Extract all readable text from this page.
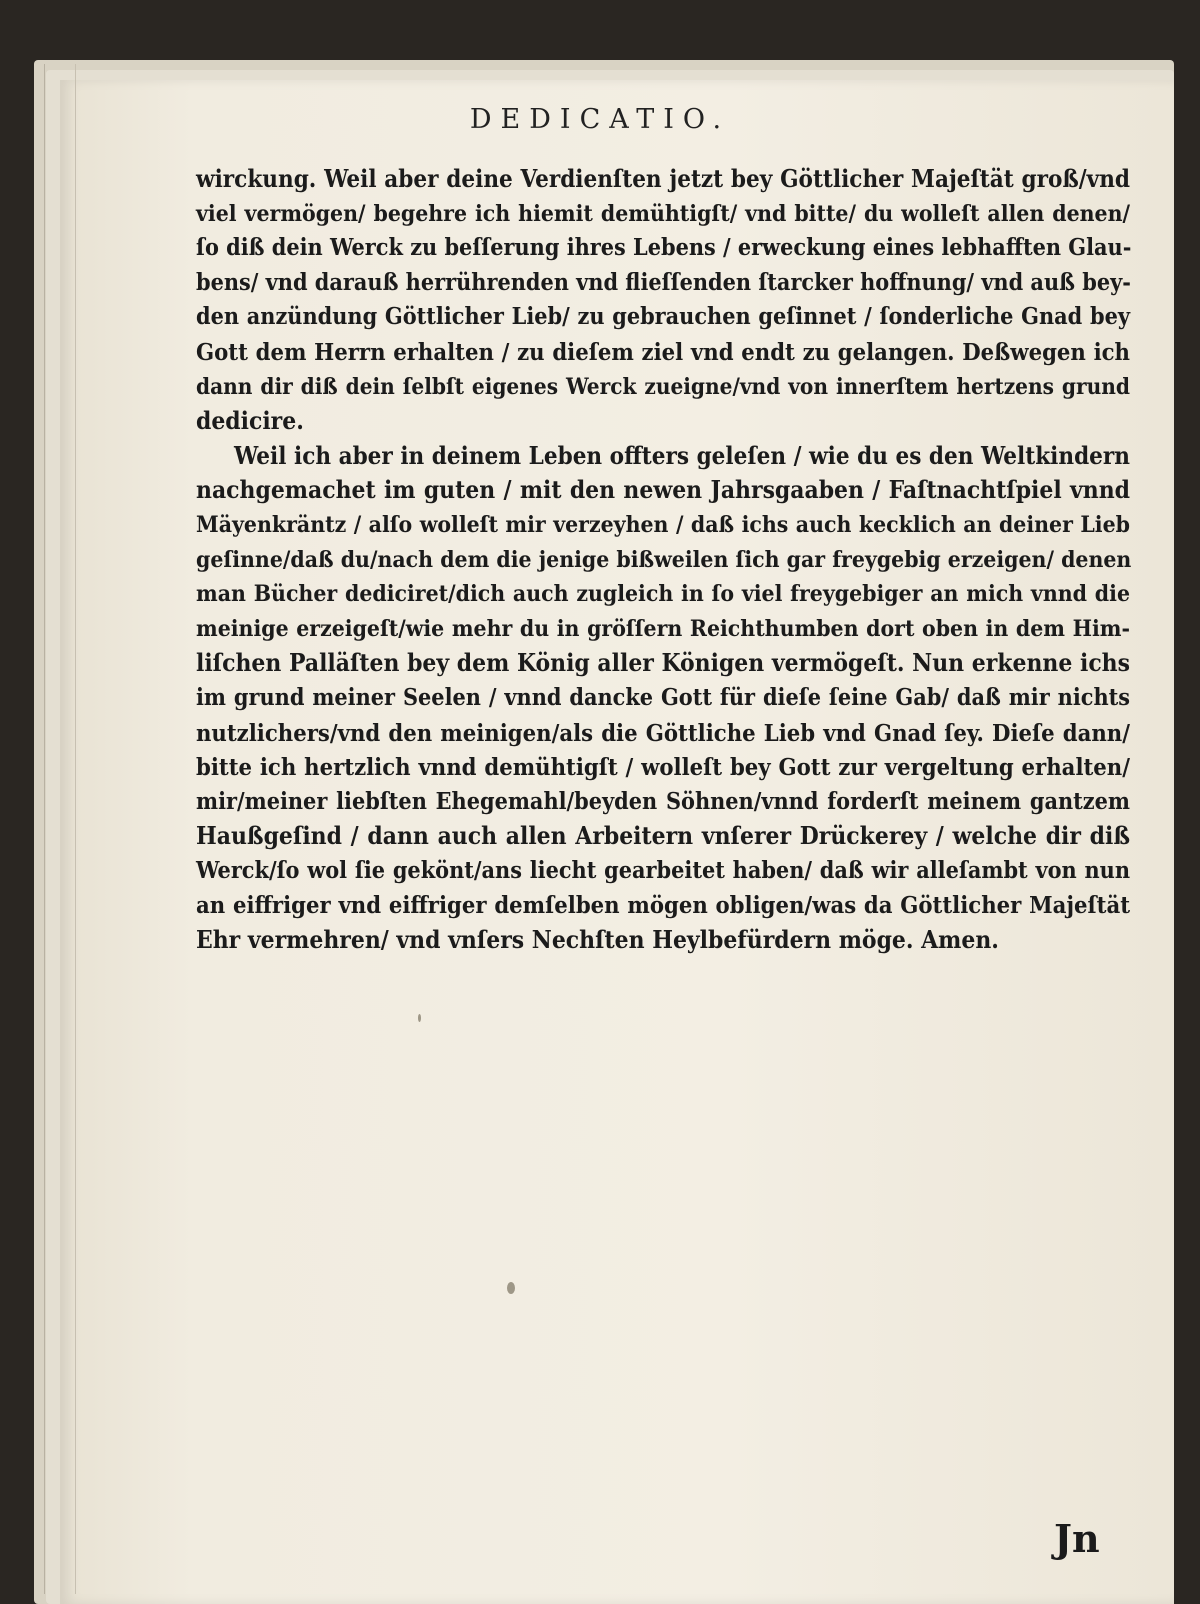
DEDICATIO.
wirckung. Weil aber deine Verdienſten jetzt bey Göttlicher Majeſtät groß/vnd
viel vermögen/ begehre ich hiemit demühtigſt/ vnd bitte/ du wolleſt allen denen/
ſo diß dein Werck zu beſſerung ihres Lebens / erweckung eines lebhafften Glau-
bens/ vnd darauß herrührenden vnd flieſſenden ſtarcker hoffnung/ vnd auß bey-
den anzündung Göttlicher Lieb/ zu gebrauchen geſinnet / ſonderliche Gnad bey
Gott dem Herrn erhalten / zu dieſem ziel vnd endt zu gelangen. Deßwegen ich
dann dir diß dein ſelbſt eigenes Werck zueigne/vnd von innerſtem hertzens grund
dedicire.
Weil ich aber in deinem Leben offters geleſen / wie du es den Weltkindern
nachgemachet im guten / mit den newen Jahrsgaaben / Faſtnachtſpiel vnnd
Mäyenkräntz / alſo wolleſt mir verzeyhen / daß ichs auch kecklich an deiner Lieb
geſinne/daß du/nach dem die jenige bißweilen ſich gar freygebig erzeigen/ denen
man Bücher dediciret/dich auch zugleich in ſo viel freygebiger an mich vnnd die
meinige erzeigeſt/wie mehr du in gröſſern Reichthumben dort oben in dem Him-
liſchen Palläſten bey dem König aller Königen vermögeſt. Nun erkenne ichs
im grund meiner Seelen / vnnd dancke Gott für dieſe ſeine Gab/ daß mir nichts
nutzlichers/vnd den meinigen/als die Göttliche Lieb vnd Gnad ſey. Dieſe dann/
bitte ich hertzlich vnnd demühtigſt / wolleſt bey Gott zur vergeltung erhalten/
mir/meiner liebſten Ehegemahl/beyden Söhnen/vnnd forderſt meinem gantzem
Haußgeſind / dann auch allen Arbeitern vnſerer Drückerey / welche dir diß
Werck/ſo wol ſie gekönt/ans liecht gearbeitet haben/ daß wir alleſambt von nun
an eiffriger vnd eiffriger demſelben mögen obligen/was da Göttlicher Majeſtät
Ehr vermehren/ vnd vnſers Nechſten Heylbefürdern möge. Amen.
Jn
